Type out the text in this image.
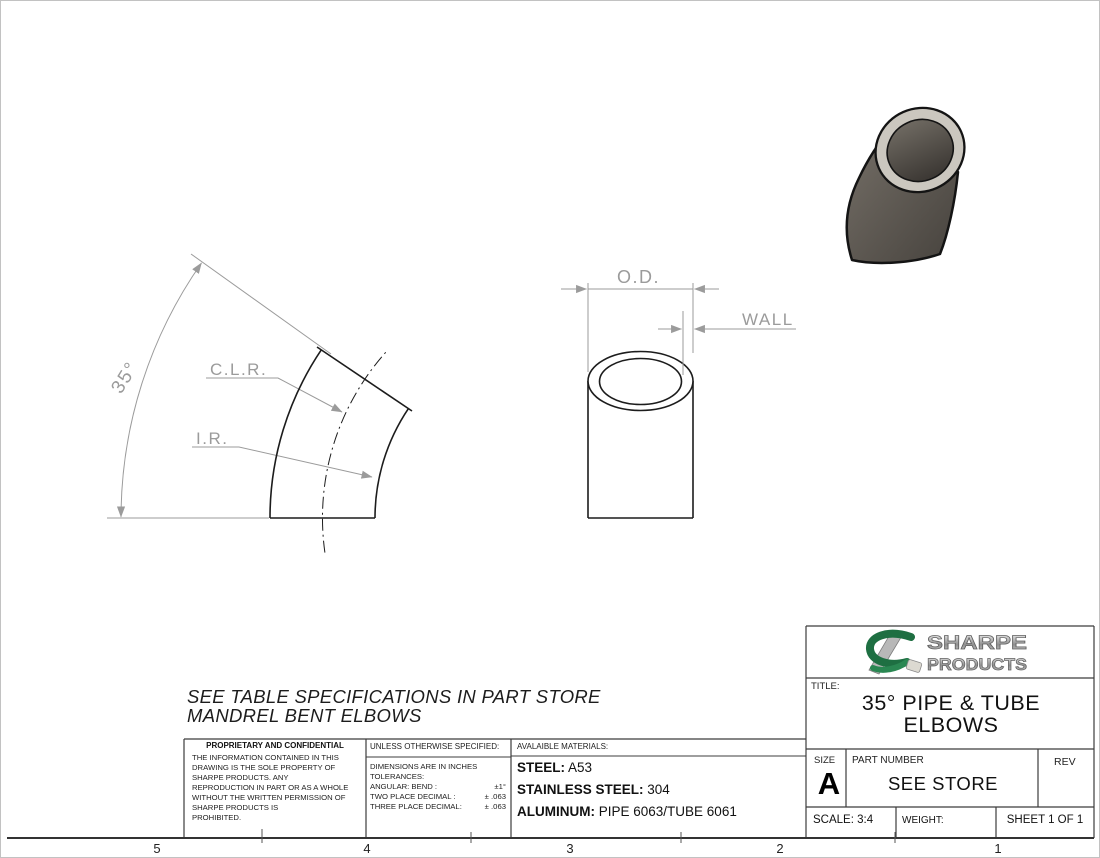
SHARPE
PRODUCTS
35°	C.L.R.
I.R.
O.D.
WALL
SEE TABLE SPECIFICATIONS IN PART STORE
MANDREL BENT ELBOWS
PROPRIETARY AND CONFIDENTIAL
THE INFORMATION CONTAINED IN THIS
DRAWING IS THE SOLE PROPERTY OF
SHARPE PRODUCTS. ANY
REPRODUCTION IN PART OR AS A WHOLE
WITHOUT THE WRITTEN PERMISSION OF
SHARPE PRODUCTS IS
PROHIBITED.
UNLESS OTHERWISE SPECIFIED:
DIMENSIONS ARE IN INCHES
TOLERANCES:
ANGULAR: BEND :	±1°
TWO PLACE DECIMAL :	± .063
THREE PLACE DECIMAL:	± .063
AVALAIBLE MATERIALS:
STEEL: A53
STAINLESS STEEL: 304
ALUMINUM: PIPE 6063/TUBE 6061
TITLE:
35° PIPE & TUBE
ELBOWS
SIZE
A
PART NUMBER
SEE STORE
REV
SCALE: 3:4	WEIGHT:	SHEET 1 OF 1
5	4	3	2	1
